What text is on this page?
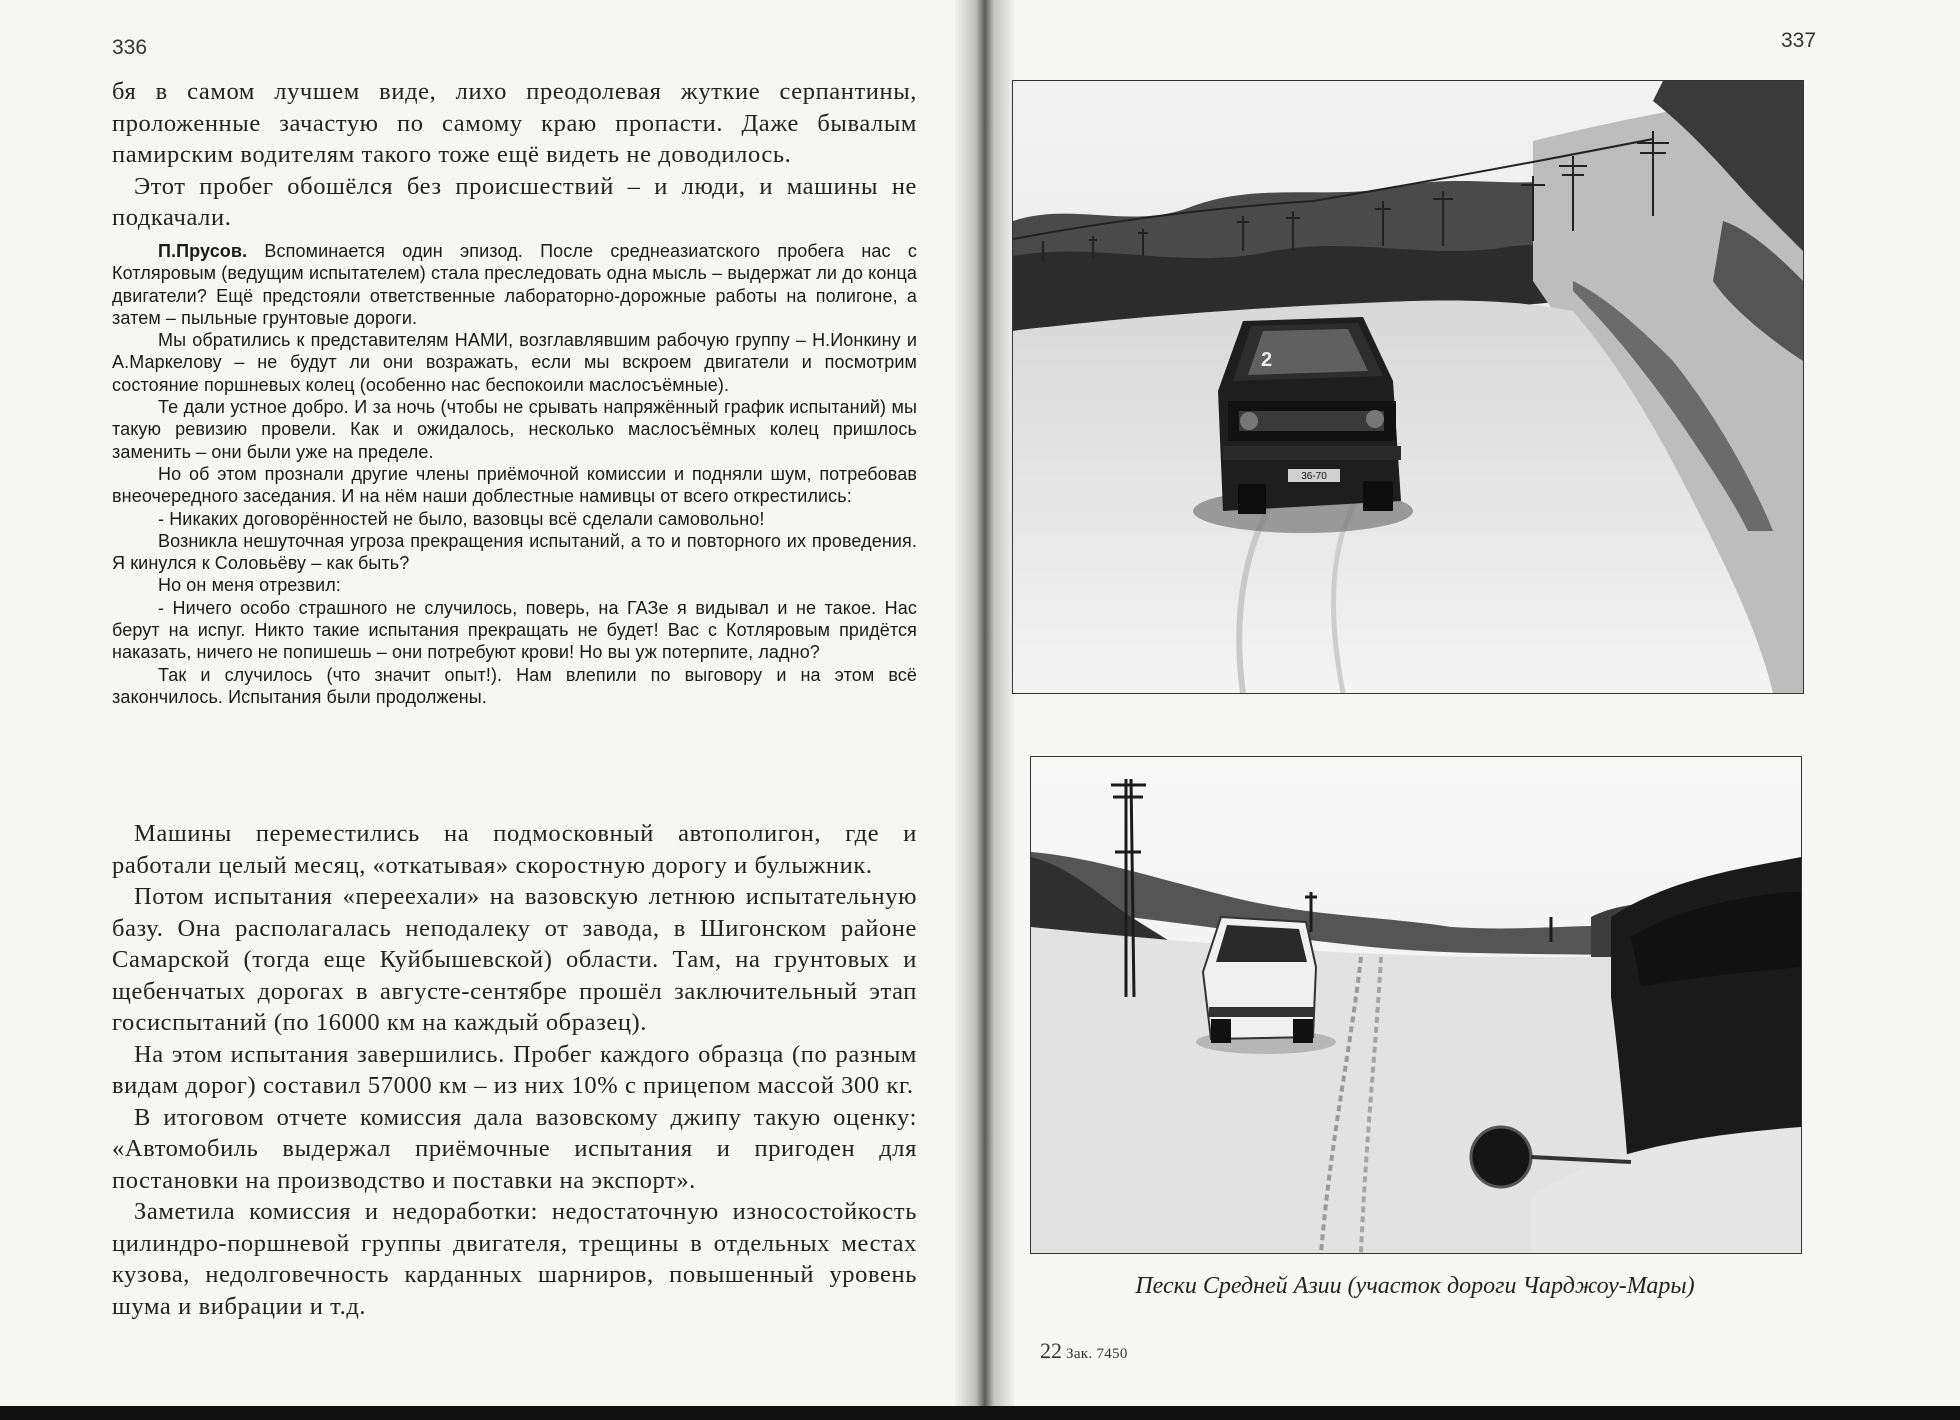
336	337

бя в самом лучшем виде, лихо преодолевая жуткие серпантины, проложенные зачастую по самому краю пропасти. Даже бывалым памирским водителям такого тоже ещё видеть не доводилось.

Этот пробег обошёлся без происшествий – и люди, и машины не подкачали.

П.Прусов. Вспоминается один эпизод. После среднеазиатского пробега нас с Котляровым (ведущим испытателем) стала преследовать одна мысль – выдержат ли до конца двигатели? Ещё предстояли ответственные лабораторно-дорожные работы на полигоне, а затем – пыльные грунтовые дороги.

Мы обратились к представителям НАМИ, возглавлявшим рабочую группу – Н.Ионкину и А.Маркелову – не будут ли они возражать, если мы вскроем двигатели и посмотрим состояние поршневых колец (особенно нас беспокоили маслосъёмные).

Те дали устное добро. И за ночь (чтобы не срывать напряжённый график испытаний) мы такую ревизию провели. Как и ожидалось, несколько маслосъёмных колец пришлось заменить – они были уже на пределе.

Но об этом прознали другие члены приёмочной комиссии и подняли шум, потребовав внеочередного заседания. И на нём наши доблестные намивцы от всего открестились:

- Никаких договорённостей не было, вазовцы всё сделали самовольно!

Возникла нешуточная угроза прекращения испытаний, а то и повторного их проведения. Я кинулся к Соловьёву – как быть?

Но он меня отрезвил:

- Ничего особо страшного не случилось, поверь, на ГАЗе я видывал и не такое. Нас берут на испуг. Никто такие испытания прекращать не будет! Вас с Котляровым придётся наказать, ничего не попишешь – они потребуют крови! Но вы уж потерпите, ладно?

Так и случилось (что значит опыт!). Нам влепили по выговору и на этом всё закончилось. Испытания были продолжены.

Машины переместились на подмосковный автополигон, где и работали целый месяц, «откатывая» скоростную дорогу и булыжник.

Потом испытания «переехали» на вазовскую летнюю испытательную базу. Она располагалась неподалеку от завода, в Шигонском районе Самарской (тогда еще Куйбышевской) области. Там, на грунтовых и щебенчатых дорогах в августе-сентябре прошёл заключительный этап госиспытаний (по 16000 км на каждый образец).

На этом испытания завершились. Пробег каждого образца (по разным видам дорог) составил 57000 км – из них 10% с прицепом массой 300 кг.

В итоговом отчете комиссия дала вазовскому джипу такую оценку: «Автомобиль выдержал приёмочные испытания и пригоден для постановки на производство и поставки на экспорт».

Заметила комиссия и недоработки: недостаточную износостойкость цилиндро-поршневой группы двигателя, трещины в отдельных местах кузова, недолговечность карданных шарниров, повышенный уровень шума и вибрации и т.д.

2
36-70
Пески Средней Азии (участок дороги Чарджоу-Мары)
22 Зак. 7450
